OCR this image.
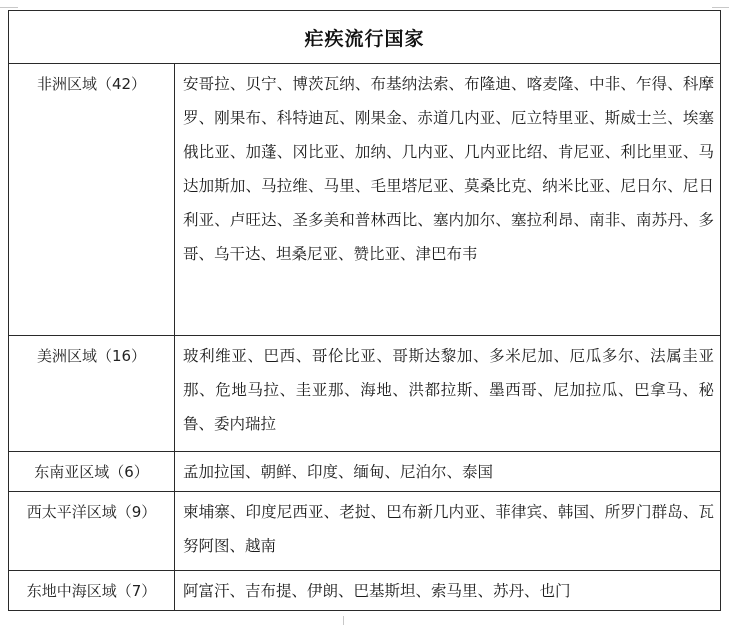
疟疾流行国家	
非洲区域（42）	安哥拉、贝宁、博茨瓦纳、布基纳法索、布隆迪、喀麦隆、中非、乍得、科摩罗、刚果布、科特迪瓦、刚果金、赤道几内亚、厄立特里亚、斯威士兰、埃塞俄比亚、加蓬、冈比亚、加纳、几内亚、几内亚比绍、肯尼亚、利比里亚、马达加斯加、马拉维、马里、毛里塔尼亚、莫桑比克、纳米比亚、尼日尔、尼日利亚、卢旺达、圣多美和普林西比、塞内加尔、塞拉利昂、南非、南苏丹、多哥、乌干达、坦桑尼亚、赞比亚、津巴布韦
美洲区域（16）	玻利维亚、巴西、哥伦比亚、哥斯达黎加、多米尼加、厄瓜多尔、法属圭亚那、危地马拉、圭亚那、海地、洪都拉斯、墨西哥、尼加拉瓜、巴拿马、秘鲁、委内瑞拉
东南亚区域（6）	孟加拉国、朝鲜、印度、缅甸、尼泊尔、泰国
西太平洋区域（9）	柬埔寨、印度尼西亚、老挝、巴布新几内亚、菲律宾、韩国、所罗门群岛、瓦努阿图、越南
东地中海区域（7）	阿富汗、吉布提、伊朗、巴基斯坦、索马里、苏丹、也门
